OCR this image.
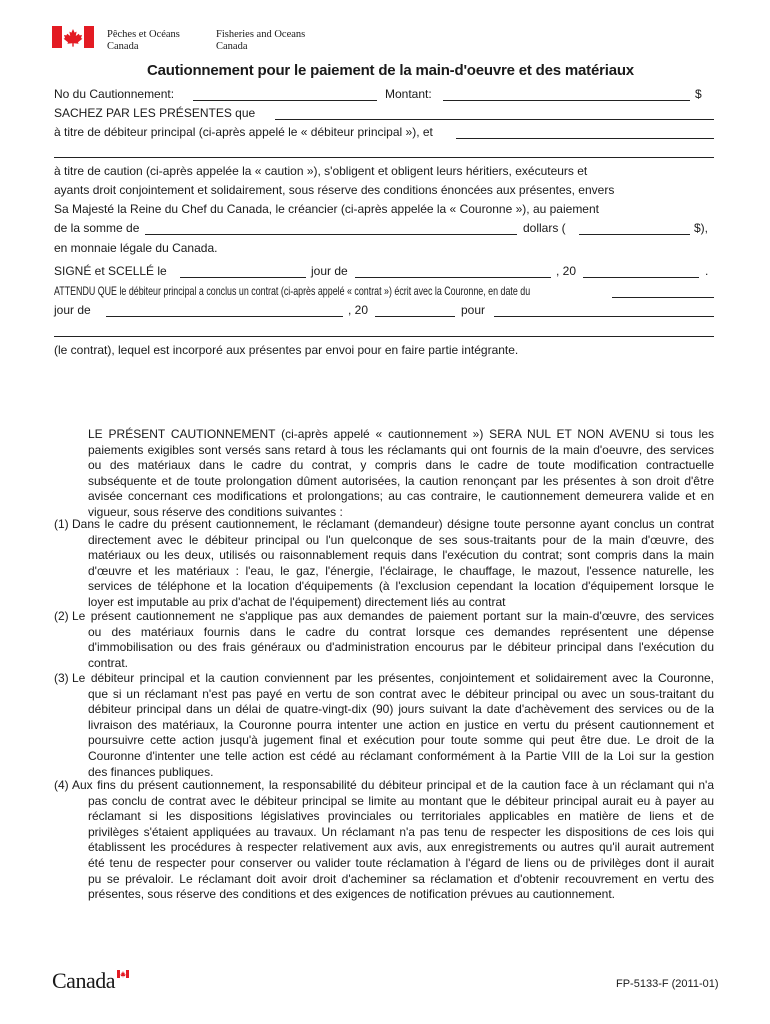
Pêches et Océans
Canada
Fisheries and Oceans
Canada
Cautionnement pour le paiement de la main-d'oeuvre et des matériaux
No du Cautionnement:	Montant:	$
SACHEZ PAR LES PRÉSENTES que
à titre de débiteur principal (ci-après appelé le « débiteur principal »), et
à titre de caution (ci-après appelée la « caution »), s'obligent et obligent leurs héritiers, exécuteurs et
ayants droit conjointement et solidairement, sous réserve des conditions énoncées aux présentes, envers
Sa Majesté la Reine du Chef du Canada, le créancier (ci-après appelée la « Couronne »), au paiement
de la somme de	dollars (	$),
en monnaie légale du Canada.
SIGNÉ et SCELLÉ le	jour de	, 20	.
ATTENDU QUE le débiteur principal a conclus un contrat (ci-après appelé « contrat ») écrit avec la Couronne, en date du
jour de	, 20	pour
(le contrat), lequel est incorporé aux présentes par envoi pour en faire partie intégrante.
LE PRÉSENT CAUTIONNEMENT (ci-après appelé « cautionnement ») SERA NUL ET NON AVENU si tous les
paiements exigibles sont versés sans retard à tous les réclamants qui ont fournis de la main d'oeuvre, des services
ou des matériaux dans le cadre du contrat, y compris dans le cadre de toute modification contractuelle
subséquente et de toute prolongation dûment autorisées, la caution renonçant par les présentes à son droit d'être
avisée concernant ces modifications et prolongations; au cas contraire, le cautionnement demeurera valide et en
vigueur, sous réserve des conditions suivantes :
(1) Dans le cadre du présent cautionnement, le réclamant (demandeur) désigne toute personne ayant conclus un contrat
directement avec le débiteur principal ou l'un quelconque de ses sous-traitants pour de la main d'œuvre, des
matériaux ou les deux, utilisés ou raisonnablement requis dans l'exécution du contrat; sont compris dans la main
d'œuvre et les matériaux : l'eau, le gaz, l'énergie, l'éclairage, le chauffage, le mazout, l'essence naturelle, les
services de téléphone et la location d'équipements (à l'exclusion cependant la location d'équipement lorsque le
loyer est imputable au prix d'achat de l'équipement) directement liés au contrat
(2) Le présent cautionnement ne s'applique pas aux demandes de paiement portant sur la main-d'œuvre, des services
ou des matériaux fournis dans le cadre du contrat lorsque ces demandes représentent une dépense
d'immobilisation ou des frais généraux ou d'administration encourus par le débiteur principal dans l'exécution du
contrat.
(3) Le débiteur principal et la caution conviennent par les présentes, conjointement et solidairement avec la Couronne,
que si un réclamant n'est pas payé en vertu de son contrat avec le débiteur principal ou avec un sous-traitant du
débiteur principal dans un délai de quatre-vingt-dix (90) jours suivant la date d'achèvement des services ou de la
livraison des matériaux, la Couronne pourra intenter une action en justice en vertu du présent cautionnement et
poursuivre cette action jusqu'à jugement final et exécution pour toute somme qui peut être due. Le droit de la
Couronne d'intenter une telle action est cédé au réclamant conformément à la Partie VIII de la Loi sur la gestion
des finances publiques.
(4) Aux fins du présent cautionnement, la responsabilité du débiteur principal et de la caution face à un réclamant qui n'a
pas conclu de contrat avec le débiteur principal se limite au montant que le débiteur principal aurait eu à payer au
réclamant si les dispositions législatives provinciales ou territoriales applicables en matière de liens et de
privilèges s'étaient appliquées au travaux. Un réclamant n'a pas tenu de respecter les dispositions de ces lois qui
établissent les procédures à respecter relativement aux avis, aux enregistrements ou autres qu'il aurait autrement
été tenu de respecter pour conserver ou valider toute réclamation à l'égard de liens ou de privilèges dont il aurait
pu se prévaloir. Le réclamant doit avoir droit d'acheminer sa réclamation et d'obtenir recouvrement en vertu des
présentes, sous réserve des conditions et des exigences de notification prévues au cautionnement.
Canada	FP-5133-F (2011-01)
